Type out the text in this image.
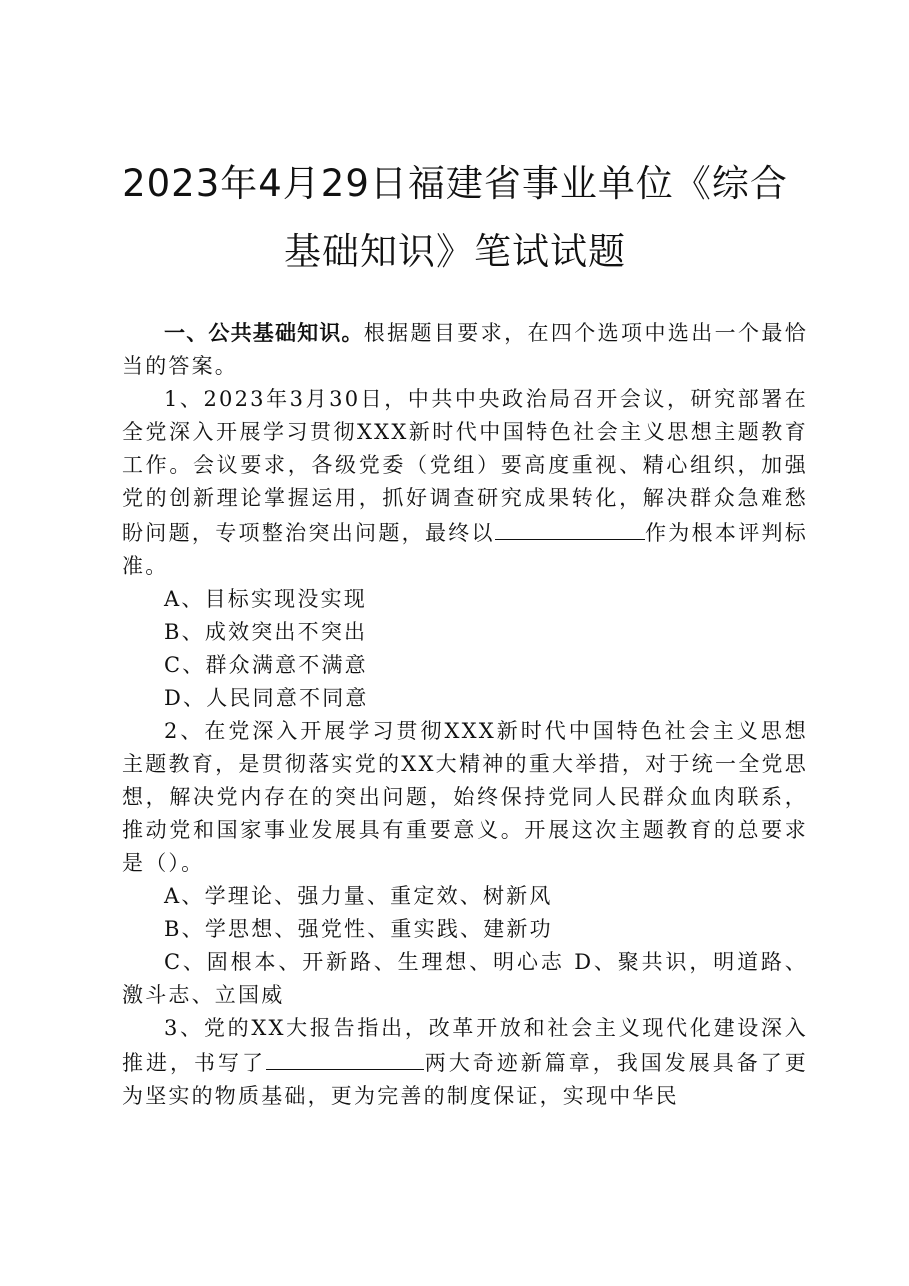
2023年4月29日福建省事业单位《综合基础知识》笔试试题

一、公共基础知识。根据题目要求，在四个选项中选出一个最恰当的答案。

1、2023年3月30日，中共中央政治局召开会议，研究部署在全党深入开展学习贯彻XXX新时代中国特色社会主义思想主题教育工作。会议要求，各级党委（党组）要高度重视、精心组织，加强党的创新理论掌握运用，抓好调查研究成果转化，解决群众急难愁盼问题，专项整治突出问题，最终以	作为根本评判标准。

A、目标实现没实现

B、成效突出不突出

C、群众满意不满意

D、人民同意不同意

2、在党深入开展学习贯彻XXX新时代中国特色社会主义思想主题教育，是贯彻落实党的XX大精神的重大举措，对于统一全党思想，解决党内存在的突出问题，始终保持党同人民群众血肉联系，推动党和国家事业发展具有重要意义。开展这次主题教育的总要求是（）。

A、学理论、强力量、重定效、树新风

B、学思想、强党性、重实践、建新功

C、固根本、开新路、生理想、明心志 D、聚共识，明道路、激斗志、立国威

3、党的XX大报告指出，改革开放和社会主义现代化建设深入推进，书写了	两大奇迹新篇章，我国发展具备了更为坚实的物质基础，更为完善的制度保证，实现中华民
